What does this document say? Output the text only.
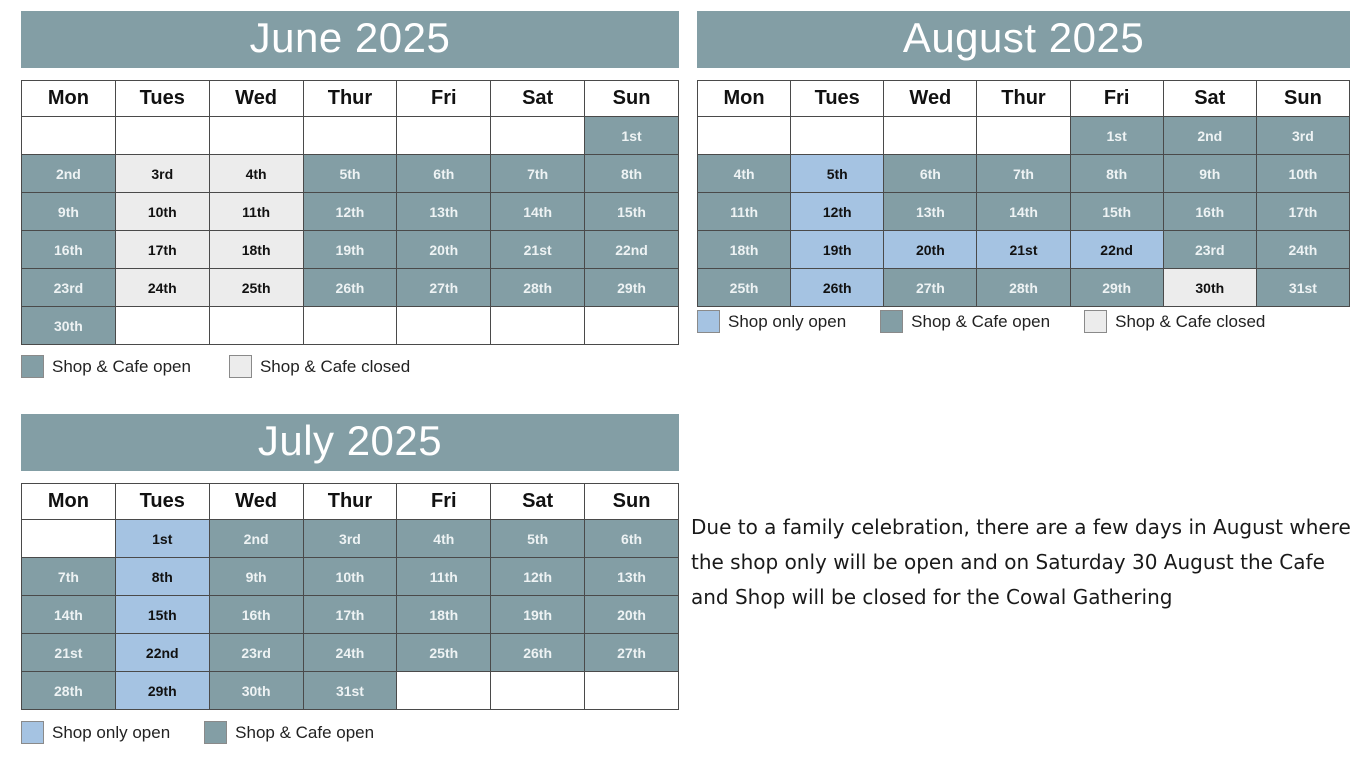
June 2025
Mon	Tues	Wed	Thur	Fri	Sat	Sun
						1st
2nd	3rd	4th	5th	6th	7th	8th
9th	10th	11th	12th	13th	14th	15th
16th	17th	18th	19th	20th	21st	22nd
23rd	24th	25th	26th	27th	28th	29th
30th						
Shop & Cafe open	Shop & Cafe closed
August 2025
Mon	Tues	Wed	Thur	Fri	Sat	Sun
				1st	2nd	3rd
4th	5th	6th	7th	8th	9th	10th
11th	12th	13th	14th	15th	16th	17th
18th	19th	20th	21st	22nd	23rd	24th
25th	26th	27th	28th	29th	30th	31st
Shop only open	Shop & Cafe open	Shop & Cafe closed
July 2025
Mon	Tues	Wed	Thur	Fri	Sat	Sun
	1st	2nd	3rd	4th	5th	6th
7th	8th	9th	10th	11th	12th	13th
14th	15th	16th	17th	18th	19th	20th
21st	22nd	23rd	24th	25th	26th	27th
28th	29th	30th	31st			
Shop only open	Shop & Cafe open

Due to a family celebration, there are a few days in August where the shop only will be open and on Saturday 30 August the Cafe and Shop will be closed for the Cowal Gathering
